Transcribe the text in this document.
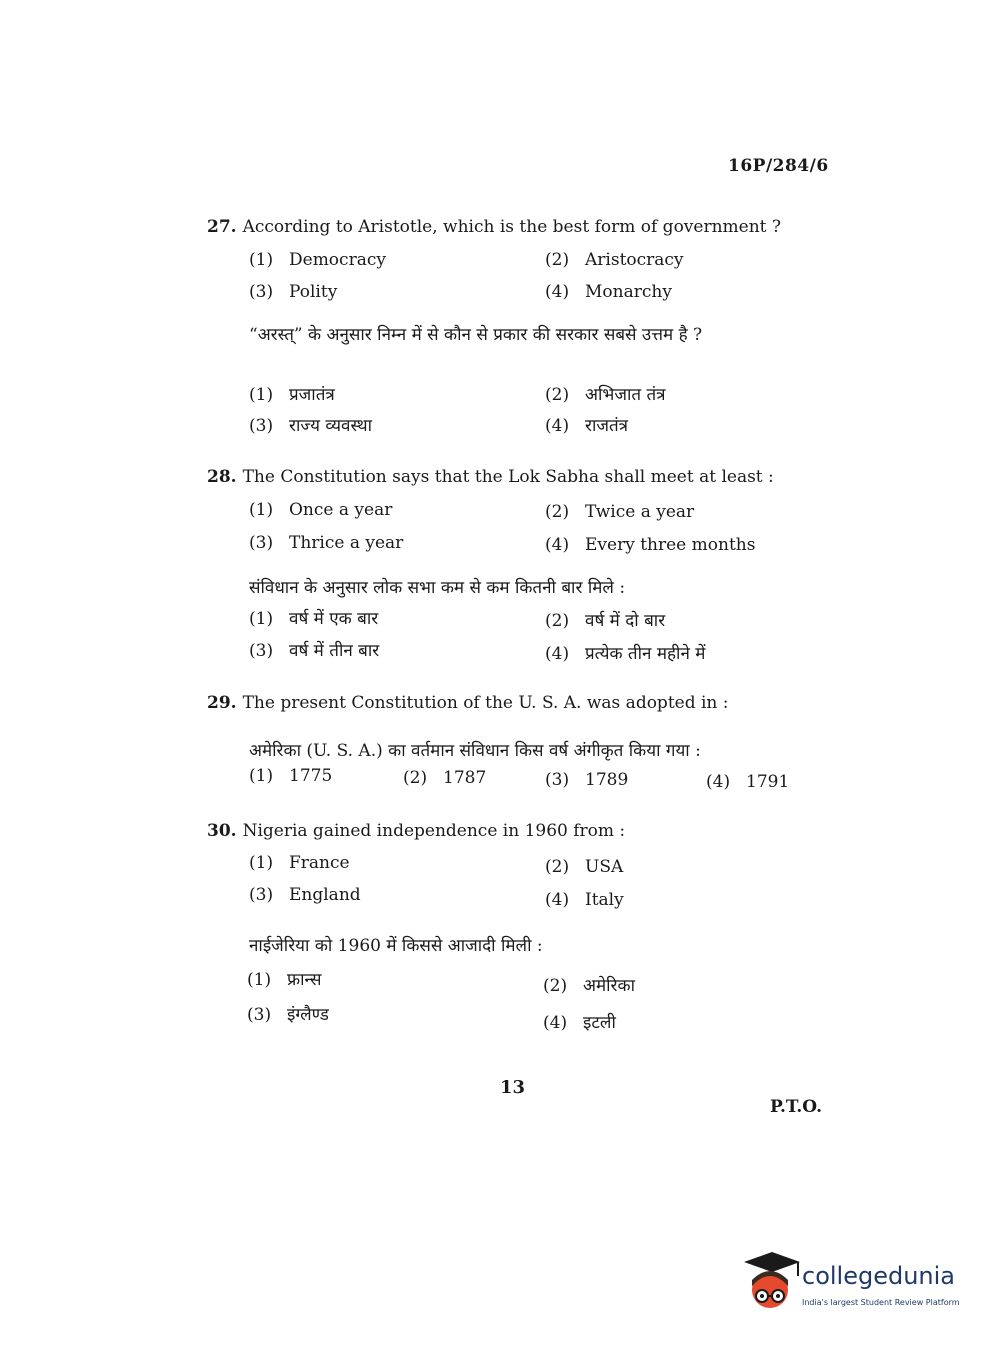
16P/284/6
27. According to Aristotle, which is the best form of government ?
(1) Democracy	(2) Aristocracy
(3) Polity	(4) Monarchy
“अरस्त्” के अनुसार निम्न में से कौन से प्रकार की सरकार सबसे उत्तम है ?
(1) प्रजातंत्र	(2) अभिजात तंत्र
(3) राज्य व्यवस्था	(4) राजतंत्र
28. The Constitution says that the Lok Sabha shall meet at least :
(1) Once a year	(2) Twice a year
(3) Thrice a year	(4) Every three months
संविधान के अनुसार लोक सभा कम से कम कितनी बार मिले :
(1) वर्ष में एक बार	(2) वर्ष में दो बार
(3) वर्ष में तीन बार	(4) प्रत्येक तीन महीने में
29. The present Constitution of the U. S. A. was adopted in :
अमेरिका (U. S. A.) का वर्तमान संविधान किस वर्ष अंगीकृत किया गया :
(1) 1775	(2) 1787	(3) 1789	(4) 1791
30. Nigeria gained independence in 1960 from :
(1) France	(2) USA
(3) England	(4) Italy
नाईजेरिया को 1960 में किससे आजादी मिली :
(1) फ्रान्स	(2) अमेरिका
(3) इंग्लैण्ड	(4) इटली
13
P.T.O.
collegedunia
India's largest Student Review Platform
